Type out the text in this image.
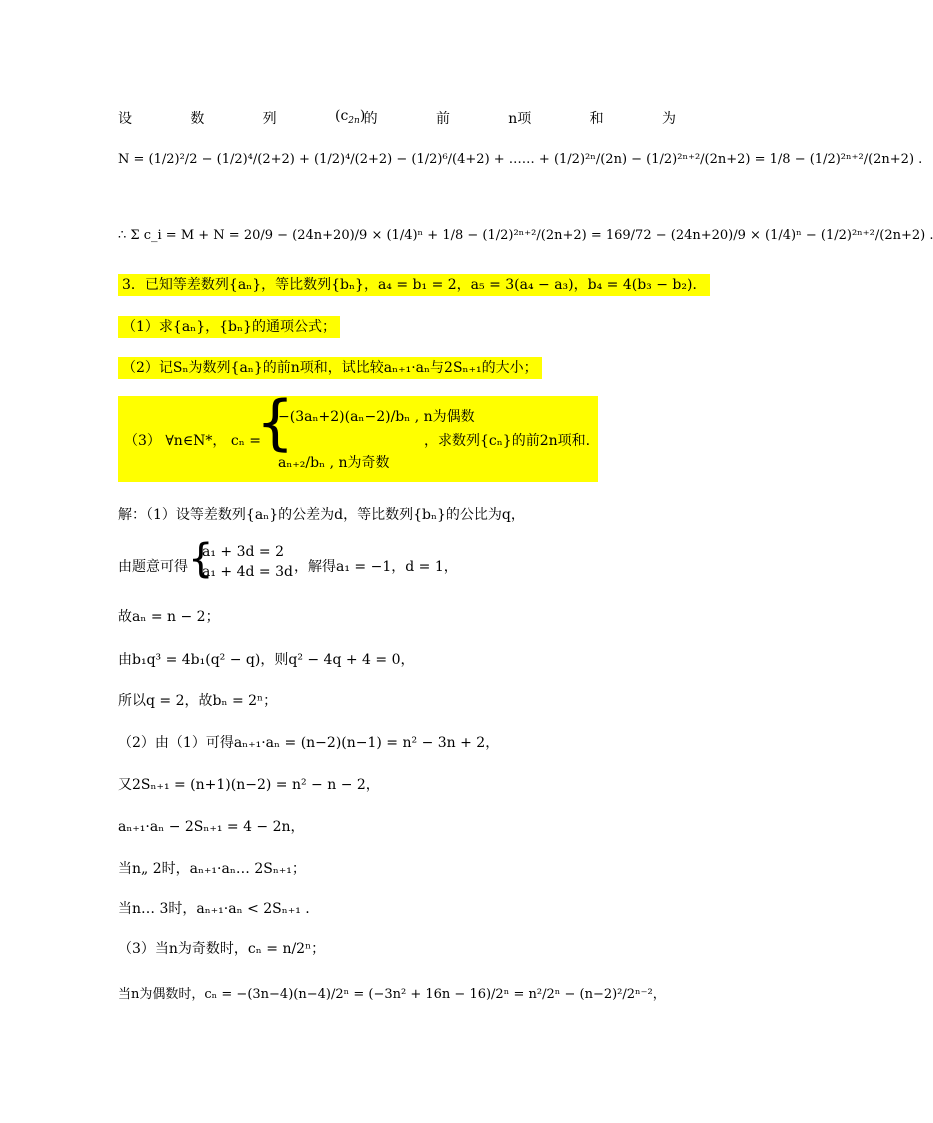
设	数	列	$(c_{2n})$
的	前	n项	和	为
N = (1/2)²/2 − (1/2)⁴/(2+2) + (1/2)⁴/(2+2) − (1/2)⁶/(4+2) + …… + (1/2)²ⁿ/(2n) − (1/2)²ⁿ⁺²/(2n+2) = 1/8 − (1/2)²ⁿ⁺²/(2n+2) .
∴ Σ c_i = M + N = 20/9 − (24n+20)/9 × (1/4)ⁿ + 1/8 − (1/2)²ⁿ⁺²/(2n+2) = 169/72 − (24n+20)/9 × (1/4)ⁿ − (1/2)²ⁿ⁺²/(2n+2) .
3．已知等差数列{aₙ}，等比数列{bₙ}，a₄ = b₁ = 2，a₅ = 3(a₄ − a₃)，b₄ = 4(b₃ − b₂)．
（1）求{aₙ}，{bₙ}的通项公式；
（2）记Sₙ为数列{aₙ}的前n项和，试比较aₙ₊₁·aₙ与2Sₙ₊₁的大小；
（3） ∀n∈N*， cₙ =
{
−(3aₙ+2)(aₙ−2)/bₙ , n为偶数
aₙ₊₂/bₙ , n为奇数
，求数列{cₙ}的前2n项和.
解：（1）设等差数列{aₙ}的公差为d，等比数列{bₙ}的公比为q，
由题意可得 {
a₁ + 3d = 2
a₁ + 4d = 3d ，解得a₁ = −1，d = 1，
故aₙ = n − 2；
由b₁q³ = 4b₁(q² − q)，则q² − 4q + 4 = 0，
所以q = 2，故bₙ = 2ⁿ；
（2）由（1）可得aₙ₊₁·aₙ = (n−2)(n−1) = n² − 3n + 2，
又2Sₙ₊₁ = (n+1)(n−2) = n² − n − 2，
aₙ₊₁·aₙ − 2Sₙ₊₁ = 4 − 2n，
当n„ 2时，aₙ₊₁·aₙ… 2Sₙ₊₁；
当n… 3时，aₙ₊₁·aₙ < 2Sₙ₊₁ .
（3）当n为奇数时，cₙ = n/2ⁿ；
当n为偶数时，cₙ = −(3n−4)(n−4)/2ⁿ = (−3n² + 16n − 16)/2ⁿ = n²/2ⁿ − (n−2)²/2ⁿ⁻²，
